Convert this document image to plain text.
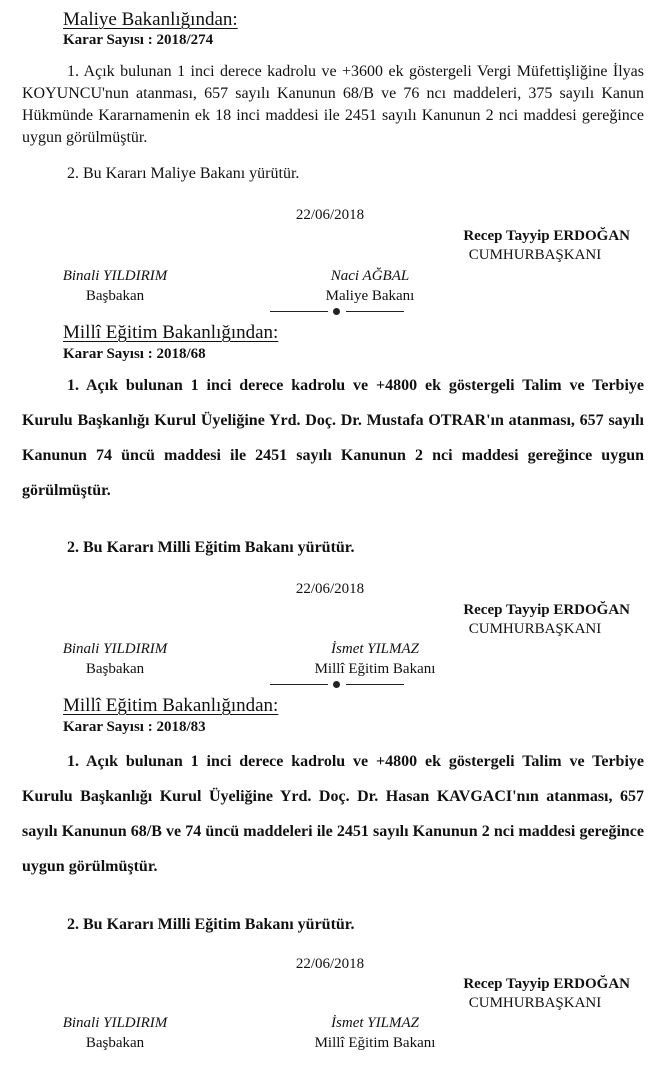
Maliye Bakanlığından:
Karar Sayısı : 2018/274
1. Açık bulunan 1 inci derece kadrolu ve +3600 ek göstergeli Vergi Müfettişliğine İlyas KOYUNCU'nun atanması, 657 sayılı Kanunun 68/B ve 76 ncı maddeleri, 375 sayılı Kanun Hükmünde Kararnamenin ek 18 inci maddesi ile 2451 sayılı Kanunun 2 nci maddesi gereğince uygun görülmüştür.
2. Bu Kararı Maliye Bakanı yürütür.
22/06/2018
Recep Tayyip ERDOĞAN
CUMHURBAŞKANI
Binali YILDIRIM
Başbakan
Naci AĞBAL
Maliye Bakanı
Millî Eğitim Bakanlığından:
Karar Sayısı : 2018/68
1. Açık bulunan 1 inci derece kadrolu ve +4800 ek göstergeli Talim ve Terbiye Kurulu Başkanlığı Kurul Üyeliğine Yrd. Doç. Dr. Mustafa OTRAR'ın atanması, 657 sayılı Kanunun 74 üncü maddesi ile 2451 sayılı Kanunun 2 nci maddesi gereğince uygun görülmüştür.
2. Bu Kararı Milli Eğitim Bakanı yürütür.
22/06/2018
Recep Tayyip ERDOĞAN
CUMHURBAŞKANI
Binali YILDIRIM
Başbakan
İsmet YILMAZ
Millî Eğitim Bakanı
Millî Eğitim Bakanlığından:
Karar Sayısı : 2018/83
1. Açık bulunan 1 inci derece kadrolu ve +4800 ek göstergeli Talim ve Terbiye Kurulu Başkanlığı Kurul Üyeliğine Yrd. Doç. Dr. Hasan KAVGACI'nın atanması, 657 sayılı Kanunun 68/B ve 74 üncü maddeleri ile 2451 sayılı Kanunun 2 nci maddesi gereğince uygun görülmüştür.
2. Bu Kararı Milli Eğitim Bakanı yürütür.
22/06/2018
Recep Tayyip ERDOĞAN
CUMHURBAŞKANI
Binali YILDIRIM
Başbakan
İsmet YILMAZ
Millî Eğitim Bakanı
